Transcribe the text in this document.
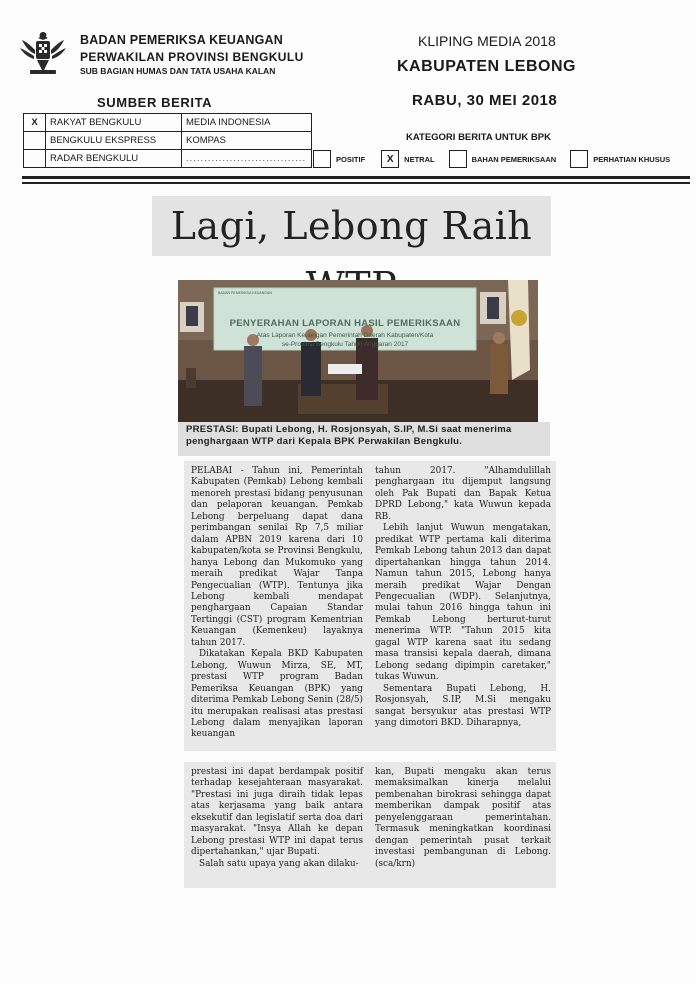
BADAN PEMERIKSA KEUANGAN
PERWAKILAN PROVINSI BENGKULU
SUB BAGIAN HUMAS DAN TATA USAHA KALAN
KLIPING MEDIA 2018
KABUPATEN LEBONG
RABU, 30 MEI 2018
SUMBER BERITA
KATEGORI BERITA UNTUK BPK
X	RAKYAT BENGKULU	MEDIA INDONESIA
	BENGKULU EKSPRESS	KOMPAS
	RADAR BENGKULU	.................................	POSITIF	X	NETRAL	BAHAN PEMERIKSAAN	PERHATIAN KHUSUS
Lagi, Lebong Raih
PENYERAHAN LAPORAN HASIL PEMERIKSAAN
Atas Laporan Keuangan Pemerintah Daerah Kabupaten/Kota
se-Provinsi Bengkulu Tahun Anggaran 2017
BADAN PEMERIKSA KEUANGAN
PRESTASI: Bupati Lebong, H. Rosjonsyah, S.IP, M.Si saat menerima
penghargaan WTP dari Kepala BPK Perwakilan Bengkulu.

PELABAI - Tahun ini, Pemerintah Kabupaten (Pemkab) Lebong kembali menoreh prestasi bidang penyusunan dan pelaporan keuangan. Pemkab Lebong berpeluang dapat dana perimbangan senilai Rp 7,5 miliar dalam APBN 2019 karena dari 10 kabupaten/kota se Provinsi Bengkulu, hanya Lebong dan Mukomuko yang meraih predikat Wajar Tanpa Pengecualian (WTP). Tentunya jika Lebong kembali mendapat penghargaan Capaian Standar Tertinggi (CST) program Kementrian Keuangan (Kemenkeu) layaknya tahun 2017.

Dikatakan Kepala BKD Kabupaten Lebong, Wuwun Mirza, SE, MT, prestasi WTP program Badan Pemeriksa Keuangan (BPK) yang diterima Pemkab Lebong Senin (28/5) itu merupakan realisasi atas prestasi Lebong dalam menyajikan laporan keuangan

tahun 2017. "Alhamdulillah penghargaan itu dijemput langsung oleh Pak Bupati dan Bapak Ketua DPRD Lebong," kata Wuwun kepada RB.

Lebih lanjut Wuwun mengatakan, predikat WTP pertama kali diterima Pemkab Lebong tahun 2013 dan dapat dipertahankan hingga tahun 2014. Namun tahun 2015, Lebong hanya meraih predikat Wajar Dengan Pengecualian (WDP). Selanjutnya, mulai tahun 2016 hingga tahun ini Pemkab Lebong berturut-turut menerima WTP. "Tahun 2015 kita gagal WTP karena saat itu sedang masa transisi kepala daerah, dimana Lebong sedang dipimpin caretaker," tukas Wuwun.

Sementara Bupati Lebong, H. Rosjonsyah, S.IP, M.Si mengaku sangat bersyukur atas prestasi WTP yang dimotori BKD. Diharapnya,

prestasi ini dapat berdampak positif terhadap kesejahteraan masyarakat. "Prestasi ini juga diraih tidak lepas atas kerjasama yang baik antara eksekutif dan legislatif serta doa dari masyarakat. "Insya Allah ke depan Lebong prestasi WTP ini dapat terus dipertahankan," ujar Bupati.

Salah satu upaya yang akan dilaku-

kan, Bupati mengaku akan terus memaksimalkan kinerja melalui pembenahan birokrasi sehingga dapat memberikan dampak positif atas penyelenggaraan pemerintahan. Termasuk meningkatkan koordinasi dengan pemerintah pusat terkait investasi pembangunan di Lebong. (sca/krn)
